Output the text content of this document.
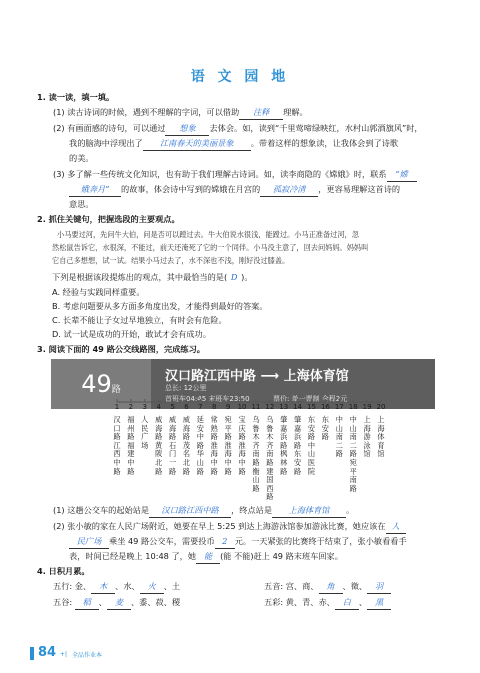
语 文 园 地
1. 读一读，填一填。
(1) 读古诗词的时候，遇到不理解的字词，可以借助 注释 理解。
(2) 有画面感的诗句，可以通过 想象 去体会。如，读到“千里莺啼绿映红，水村山郭酒旗风”时，
我的脑海中浮现出了 江南春天的美丽景象 。带着这样的想象读，让我体会到了诗歌
的美。
(3) 多了解一些传统文化知识，也有助于我们理解古诗词。如，读李商隐的《嫦娥》时，联系 “嫦
娥奔月” 的故事，体会诗中写到的嫦娥在月宫的 孤寂冷清 ，更容易理解这首诗的
意思。
2. 抓住关键句，把握选段的主要观点。
小马要过河，先问牛大伯，问是否可以蹚过去。牛大伯说水很浅，能蹚过。小马正准备过河，忽
然松鼠告诉它，水很深，不能过，前天还淹死了它的一个同伴。小马没主意了，回去问妈妈。妈妈叫
它自己多想想，试一试。结果小马过去了，水不深也不浅，刚好没过膝盖。
下列是根据该段提炼出的观点，其中最恰当的是( D )。
A. 经验与实践同样重要。
B. 考虑问题要从多方面多角度出发，才能得到最好的答案。
C. 长辈不能让子女过早地独立，有时会有危险。
D. 试一试是成功的开始，敢试才会有成功。
3. 阅读下面的 49 路公交线路图，完成练习。
49路
汉口路江西中路 ⟶ 上海体育馆
总长: 12公里
首班车04:45 末班车23:50	票价: 单一票制 全程2元
1
汉口路江西中路
2
福州路福建中路
3
人民广场
4
威海路黄陂北路
5
威海路石门一路
6
威海路茂名北路
7
延安中路华山路
8
常熟路淮海中路
9
宛平路淮海中路
10
宝庆路淮海中路
11
乌鲁木齐南路衡山路
12
乌鲁木齐南路建国西路
13
肇嘉浜路枫林路
14
肇嘉浜路东安路
15
东安路中山医院
16
东安路
17
中山南二路
18
中山南二路宛平南路
19
上海游泳馆
20
上海体育馆
(1) 这趟公交车的起始站是 汉口路江西中路 ，终点站是 上海体育馆 。
(2) 张小敏的家在人民广场附近，她要在早上 5:25 到达上海游泳馆参加游泳比赛，她应该在 人
民广场 乘坐 49 路公交车，需要投币 2 元。一天紧张的比赛终于结束了，张小敏看看手
表，时间已经是晚上 10:48 了，她 能 (能 不能)赶上 49 路末班车回家。
4. 日积月累。
五行: 金、 木 、水、 火 、土	五音: 宫、商、 角 、徵、 羽
五谷: 稻 、 麦 、黍、菽、稷	五彩: 黄、青、赤、 白 、 黑
84 +| 全品作业本
